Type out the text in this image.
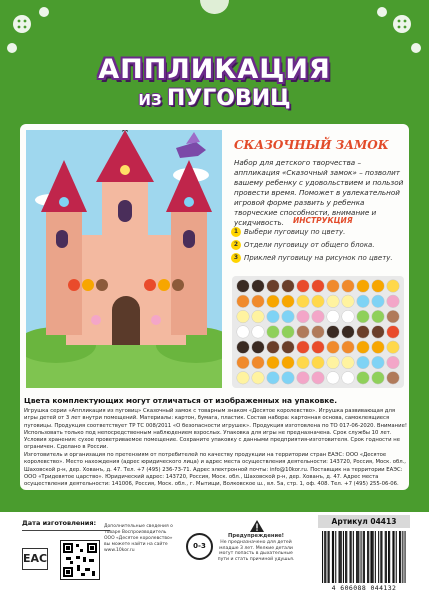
АППЛИКАЦИЯ
ИЗ ПУГОВИЦ
СКАЗОЧНЫЙ ЗАМОК

Набор для детского творчества – аппликация «Сказочный замок» – позволит вашему ребенку с удовольствием и пользой провести время. Поможет в увлекательной игровой форме развить у ребенка творческие способности, внимание и усидчивость.	ИНСТРУКЦИЯ
1 Выбери пуговицу по цвету.
2 Отдели пуговицу от общего блока.
3 Приклей пуговицу на рисунок по цвету.

Цвета комплектующих могут отличаться от изображенных на упаковке.

Игрушка серии «Аппликация из пуговиц» Сказочный замок с товарным знаком «Десятое королевство». Игрушка развивающая для игры детей от 3 лет внутри помещений. Материалы: картон, бумага, пластик. Состав набора: картонная основа, самоклеящиеся пуговицы. Продукция соответствует ТР ТС 008/2011 «О безопасности игрушек». Продукция изготовлена по ТО 017-06-2020. Внимание! Использовать только под непосредственным наблюдением взрослых. Упаковка для игры не предназначена. Срок службы 10 лет. Условия хранения: сухое проветриваемое помещение. Сохраните упаковку с данными предприятия-изготовителя. Срок годности не ограничен. Сделано в России.

Изготовитель и организация по претензиям от потребителей по качеству продукции на территории стран ЕАЭС: ООО «Десятое королевство». Место нахождения (адрес юридического лица) и адрес места осуществления деятельности: 143720, Россия, Моск. обл., Шаховской р-н, дер. Хованъ, д. 47. Тел. +7 (495) 236-73-71. Адрес электронной почты: info@10kor.ru. Поставщик на территории ЕАЭС: ООО «Тридевятое царство». Юридический адрес: 143720, Россия, Моск. обл., Шаховской р-н, дер. Хованъ, д. 47. Адрес места осуществления деятельности: 141006, Россия, Моск. обл., г. Мытищи, Волковское ш., вл. 5а, стр. 1, оф. 408. Тел. +7 (495) 255-06-06.

Дата изготовления:
ЕАС

Дополнительные сведения о товаре Воспроизводитель ООО «Десятое королевство» вы можете найти на сайте www.10kor.ru

0-3

Предупреждение!
Не предназначено для детей младше 3 лет. Мелкие детали могут попасть в дыхательные пути и стать причиной удушья.

Артикул 04413
4 606088 044132
